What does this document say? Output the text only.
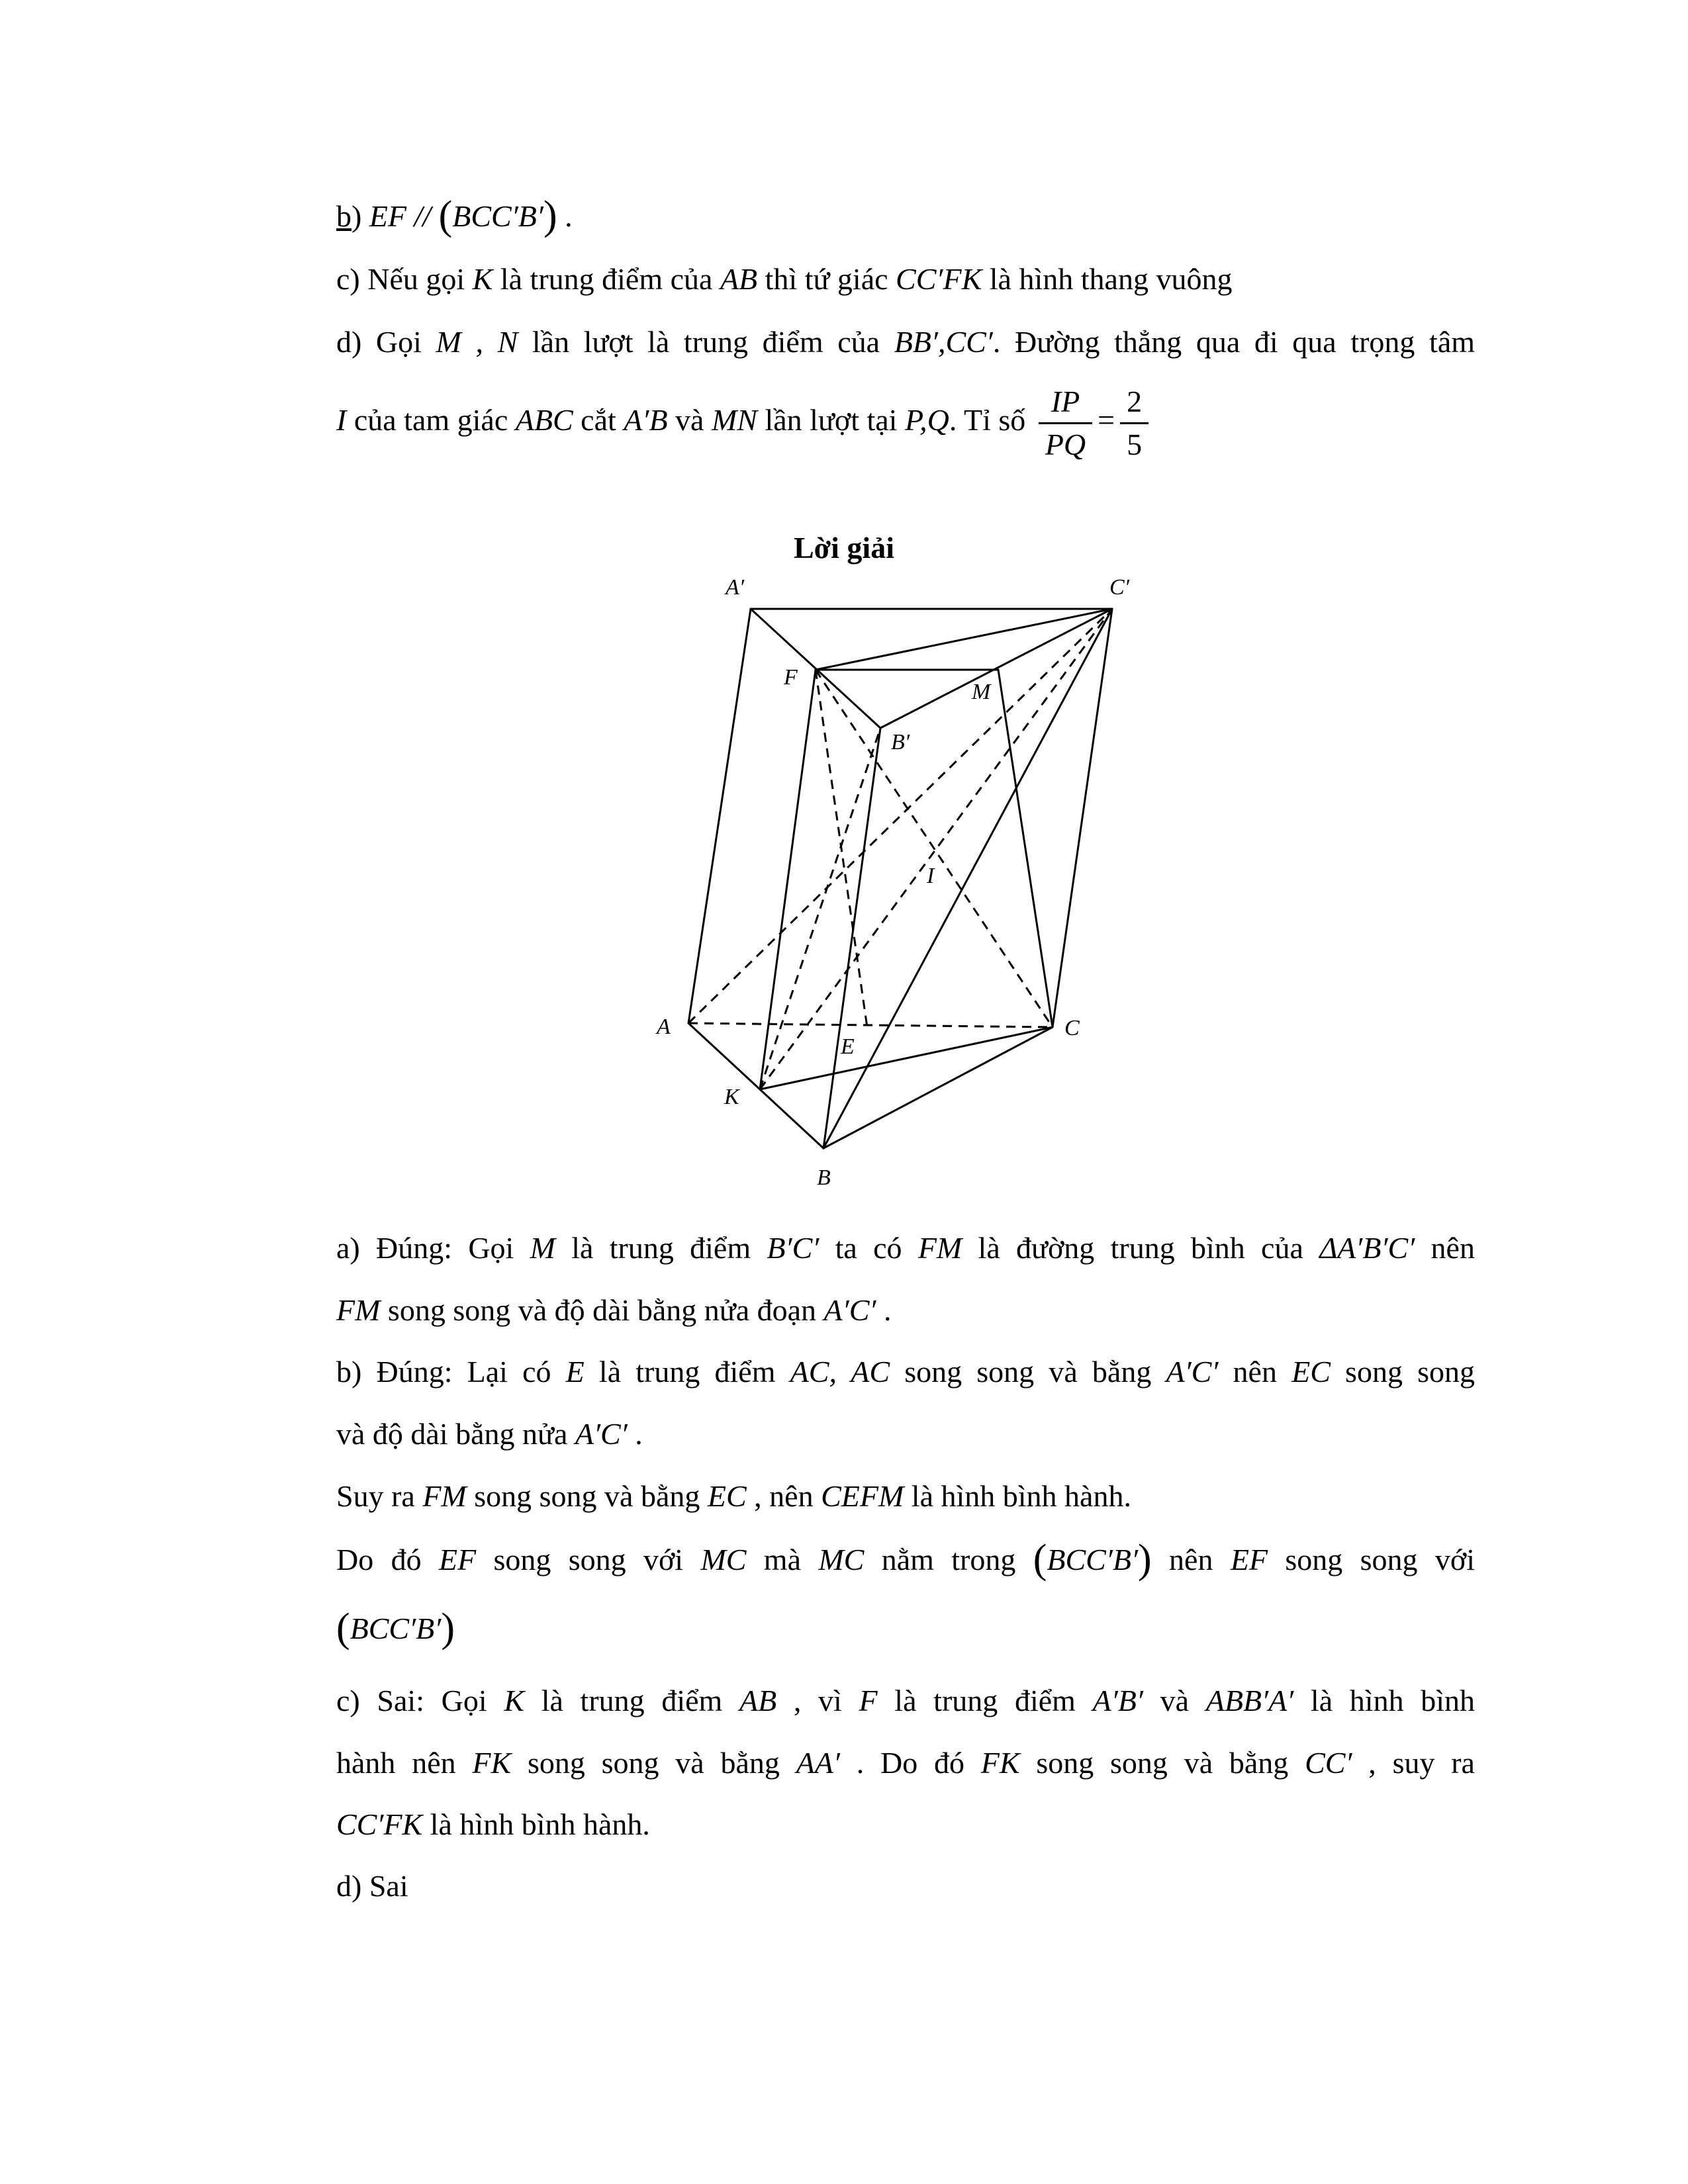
b) EF // (BCC′B′) .
c) Nếu gọi K là trung điểm của AB thì tứ giác CC′FK là hình thang vuông
d) Gọi M , N lần lượt là trung điểm của BB′,CC′. Đường thẳng qua đi qua trọng tâm
I của tam giác ABC cắt A′B và MN lần lượt tại P,Q. Tỉ số $\frac{IP}{PQ} = \frac{2}{5}$
Lời giải
A′	C′
F
M
B′
I
A	C
E
K
B
a) Đúng: Gọi M là trung điểm B′C′ ta có FM là đường trung bình của ΔA′B′C′ nên
FM song song và độ dài bằng nửa đoạn A′C′ .
b) Đúng: Lại có E là trung điểm AC, AC song song và bằng A′C′ nên EC song song
và độ dài bằng nửa A′C′ .
Suy ra FM song song và bằng EC , nên CEFM là hình bình hành.
Do đó EF song song với MC mà MC nằm trong (BCC′B′) nên EF song song với
(BCC′B′)
c) Sai: Gọi K là trung điểm AB , vì F là trung điểm A′B′ và ABB′A′ là hình bình
hành nên FK song song và bằng AA′ . Do đó FK song song và bằng CC′ , suy ra
CC′FK là hình bình hành.
d) Sai
